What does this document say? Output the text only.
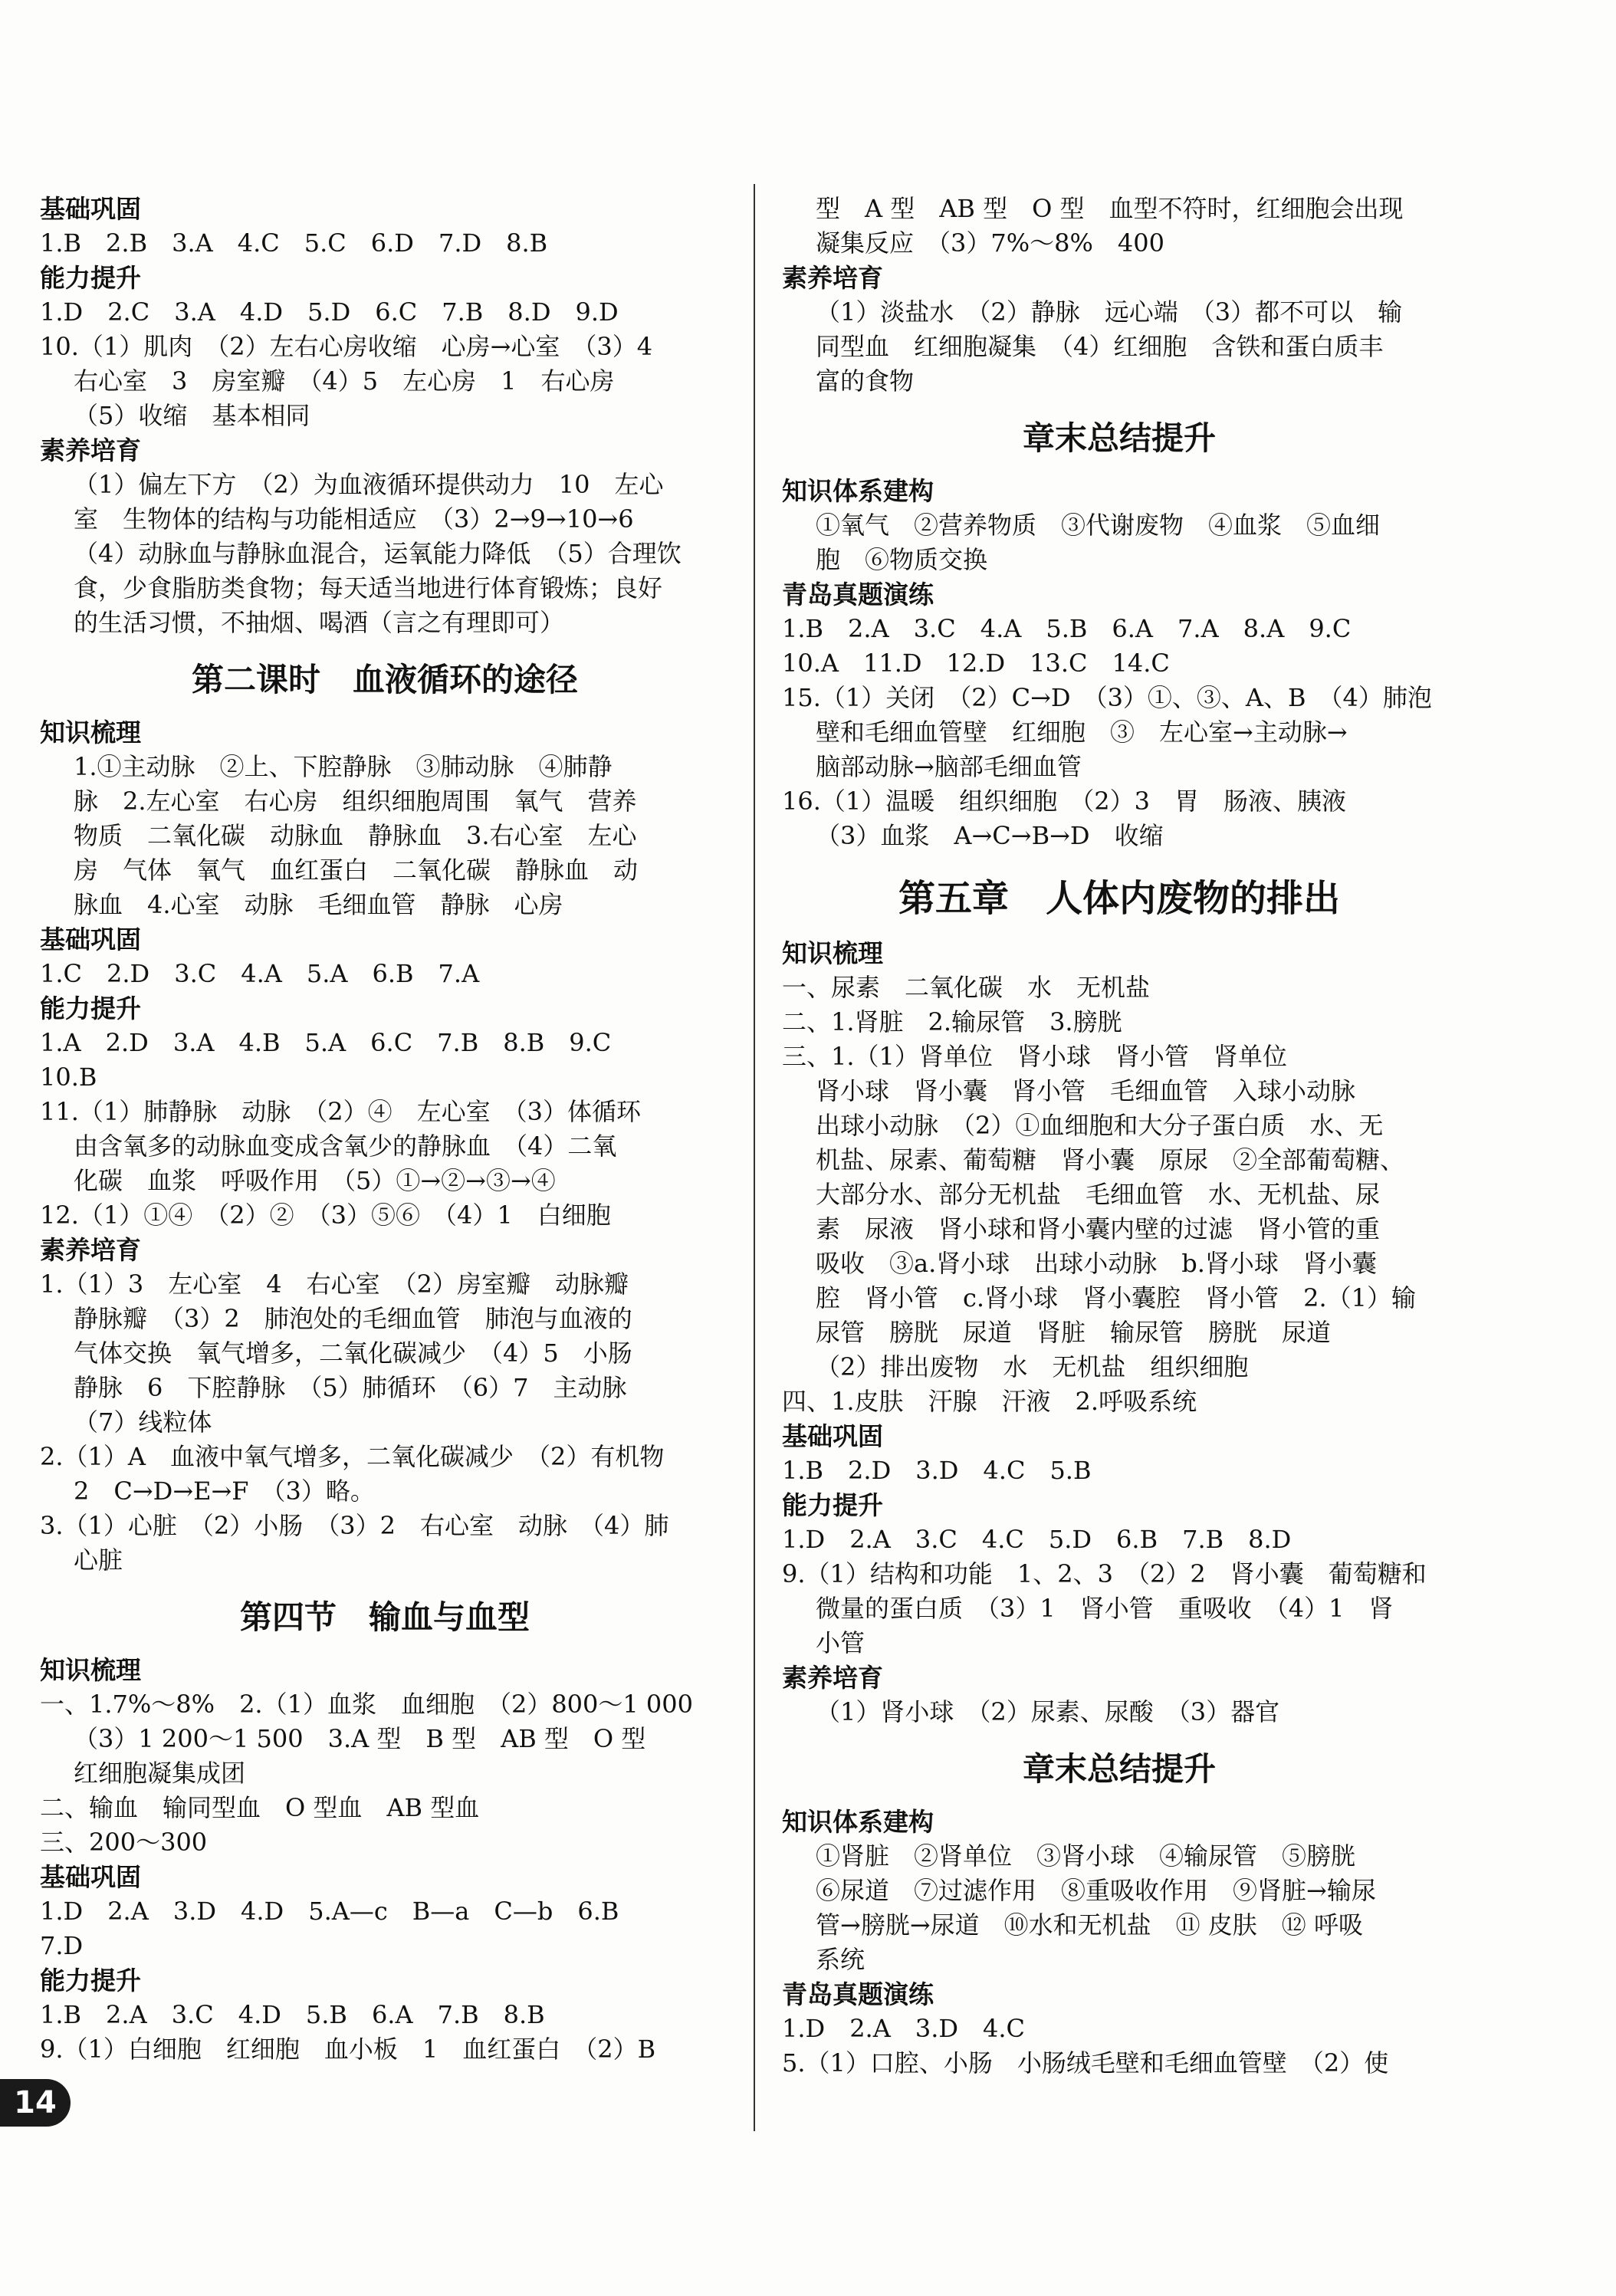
基础巩固
1.B　2.B　3.A　4.C　5.C　6.D　7.D　8.B
能力提升
1.D　2.C　3.A　4.D　5.D　6.C　7.B　8.D　9.D
10.（1）肌肉　（2）左右心房收缩　心房→心室　（3）4
右心室　3　房室瓣　（4）5　左心房　1　右心房
（5）收缩　基本相同
素养培育
（1）偏左下方　（2）为血液循环提供动力　10　左心
室　生物体的结构与功能相适应　（3）2→9→10→6
（4）动脉血与静脉血混合，运氧能力降低　（5）合理饮
食，少食脂肪类食物；每天适当地进行体育锻炼；良好
的生活习惯，不抽烟、喝酒（言之有理即可）
第二课时　血液循环的途径
知识梳理
1.①主动脉　②上、下腔静脉　③肺动脉　④肺静
脉　2.左心室　右心房　组织细胞周围　氧气　营养
物质　二氧化碳　动脉血　静脉血　3.右心室　左心
房　气体　氧气　血红蛋白　二氧化碳　静脉血　动
脉血　4.心室　动脉　毛细血管　静脉　心房
基础巩固
1.C　2.D　3.C　4.A　5.A　6.B　7.A
能力提升
1.A　2.D　3.A　4.B　5.A　6.C　7.B　8.B　9.C
10.B
11.（1）肺静脉　动脉　（2）④　左心室　（3）体循环
由含氧多的动脉血变成含氧少的静脉血　（4）二氧
化碳　血浆　呼吸作用　（5）①→②→③→④
12.（1）①④　（2）②　（3）⑤⑥　（4）1　白细胞
素养培育
1.（1）3　左心室　4　右心室　（2）房室瓣　动脉瓣
静脉瓣　（3）2　肺泡处的毛细血管　肺泡与血液的
气体交换　氧气增多，二氧化碳减少　（4）5　小肠
静脉　6　下腔静脉　（5）肺循环　（6）7　主动脉
（7）线粒体
2.（1）A　血液中氧气增多，二氧化碳减少　（2）有机物
2　C→D→E→F　（3）略。
3.（1）心脏　（2）小肠　（3）2　右心室　动脉　（4）肺
心脏
第四节　输血与血型
知识梳理
一、1.7%～8%　2.（1）血浆　血细胞　（2）800～1 000
（3）1 200～1 500　3.A 型　B 型　AB 型　O 型
红细胞凝集成团
二、输血　输同型血　O 型血　AB 型血
三、200～300
基础巩固
1.D　2.A　3.D　4.D　5.A—c　B—a　C—b　6.B
7.D
能力提升
1.B　2.A　3.C　4.D　5.B　6.A　7.B　8.B
9.（1）白细胞　红细胞　血小板　1　血红蛋白　（2）B
型　A 型　AB 型　O 型　血型不符时，红细胞会出现
凝集反应　（3）7%～8%　400
素养培育
（1）淡盐水　（2）静脉　远心端　（3）都不可以　输
同型血　红细胞凝集　（4）红细胞　含铁和蛋白质丰
富的食物
章末总结提升
知识体系建构
①氧气　②营养物质　③代谢废物　④血浆　⑤血细
胞　⑥物质交换
青岛真题演练
1.B　2.A　3.C　4.A　5.B　6.A　7.A　8.A　9.C
10.A　11.D　12.D　13.C　14.C
15.（1）关闭　（2）C→D　（3）①、③、A、B　（4）肺泡
壁和毛细血管壁　红细胞　③　左心室→主动脉→
脑部动脉→脑部毛细血管
16.（1）温暖　组织细胞　（2）3　胃　肠液、胰液
（3）血浆　A→C→B→D　收缩
第五章　人体内废物的排出
知识梳理
一、尿素　二氧化碳　水　无机盐
二、1.肾脏　2.输尿管　3.膀胱
三、1.（1）肾单位　肾小球　肾小管　肾单位
肾小球　肾小囊　肾小管　毛细血管　入球小动脉
出球小动脉　（2）①血细胞和大分子蛋白质　水、无
机盐、尿素、葡萄糖　肾小囊　原尿　②全部葡萄糖、
大部分水、部分无机盐　毛细血管　水、无机盐、尿
素　尿液　肾小球和肾小囊内壁的过滤　肾小管的重
吸收　③a.肾小球　出球小动脉　b.肾小球　肾小囊
腔　肾小管　c.肾小球　肾小囊腔　肾小管　2.（1）输
尿管　膀胱　尿道　肾脏　输尿管　膀胱　尿道
（2）排出废物　水　无机盐　组织细胞
四、1.皮肤　汗腺　汗液　2.呼吸系统
基础巩固
1.B　2.D　3.D　4.C　5.B
能力提升
1.D　2.A　3.C　4.C　5.D　6.B　7.B　8.D
9.（1）结构和功能　1、2、3　（2）2　肾小囊　葡萄糖和
微量的蛋白质　（3）1　肾小管　重吸收　（4）1　肾
小管
素养培育
（1）肾小球　（2）尿素、尿酸　（3）器官
章末总结提升
知识体系建构
①肾脏　②肾单位　③肾小球　④输尿管　⑤膀胱
⑥尿道　⑦过滤作用　⑧重吸收作用　⑨肾脏→输尿
管→膀胱→尿道　⑩水和无机盐　⑪ 皮肤　⑫ 呼吸
系统
青岛真题演练
1.D　2.A　3.D　4.C
5.（1）口腔、小肠　小肠绒毛壁和毛细血管壁　（2）使
14
